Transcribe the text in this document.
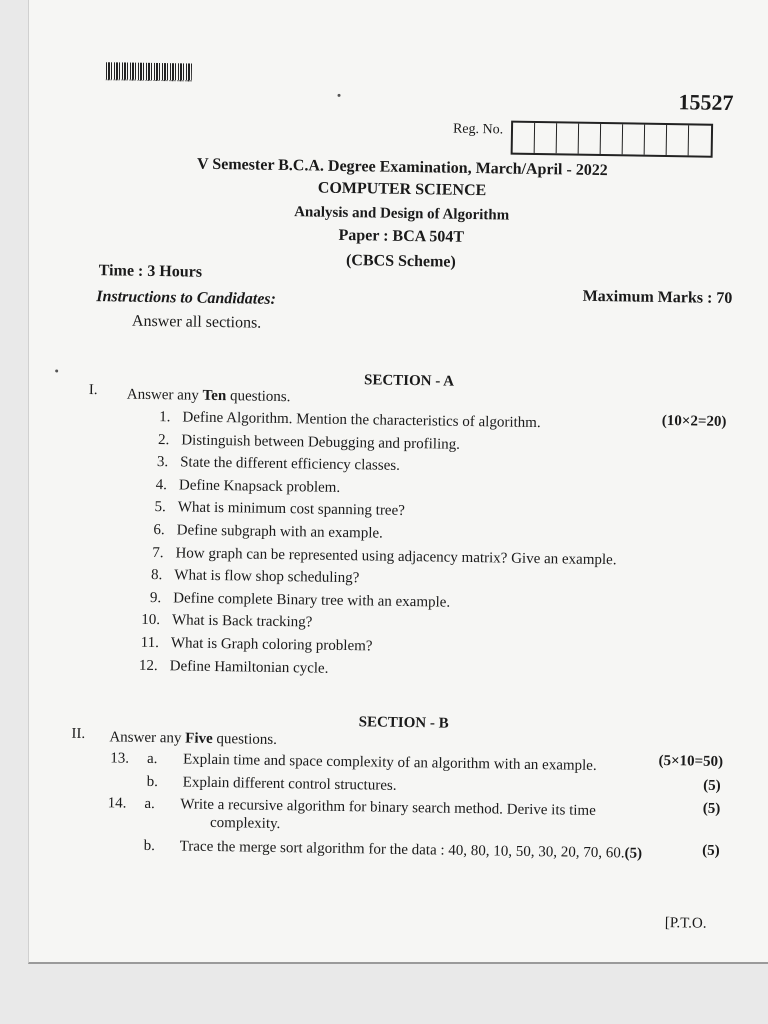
15527
Reg. No.
V Semester B.C.A. Degree Examination, March/April - 2022
COMPUTER SCIENCE
Analysis and Design of Algorithm
Paper : BCA 504T
(CBCS Scheme)
Time : 3 Hours
Maximum Marks : 70
Instructions to Candidates:
Answer all sections.
SECTION - A
I. Answer any Ten questions.
(10×2=20)
SECTION - B
II. Answer any Five questions.
(5×10=50)
13. a. Explain time and space complexity of an algorithm with an example.
(5)
b. Explain different control structures.
(5)
14. a. Write a recursive algorithm for binary search method. Derive its time
complexity.
(5)
b. Trace the merge sort algorithm for the data : 40, 80, 10, 50, 30, 20, 70, 60.(5)
[P.T.O.
1. Define Algorithm. Mention the characteristics of algorithm.
2. Distinguish between Debugging and profiling.
3. State the different efficiency classes.
4. Define Knapsack problem.
5. What is minimum cost spanning tree?
6. Define subgraph with an example.
7. How graph can be represented using adjacency matrix? Give an example.
8. What is flow shop scheduling?
9. Define complete Binary tree with an example.
10. What is Back tracking?
11. What is Graph coloring problem?
12. Define Hamiltonian cycle.
